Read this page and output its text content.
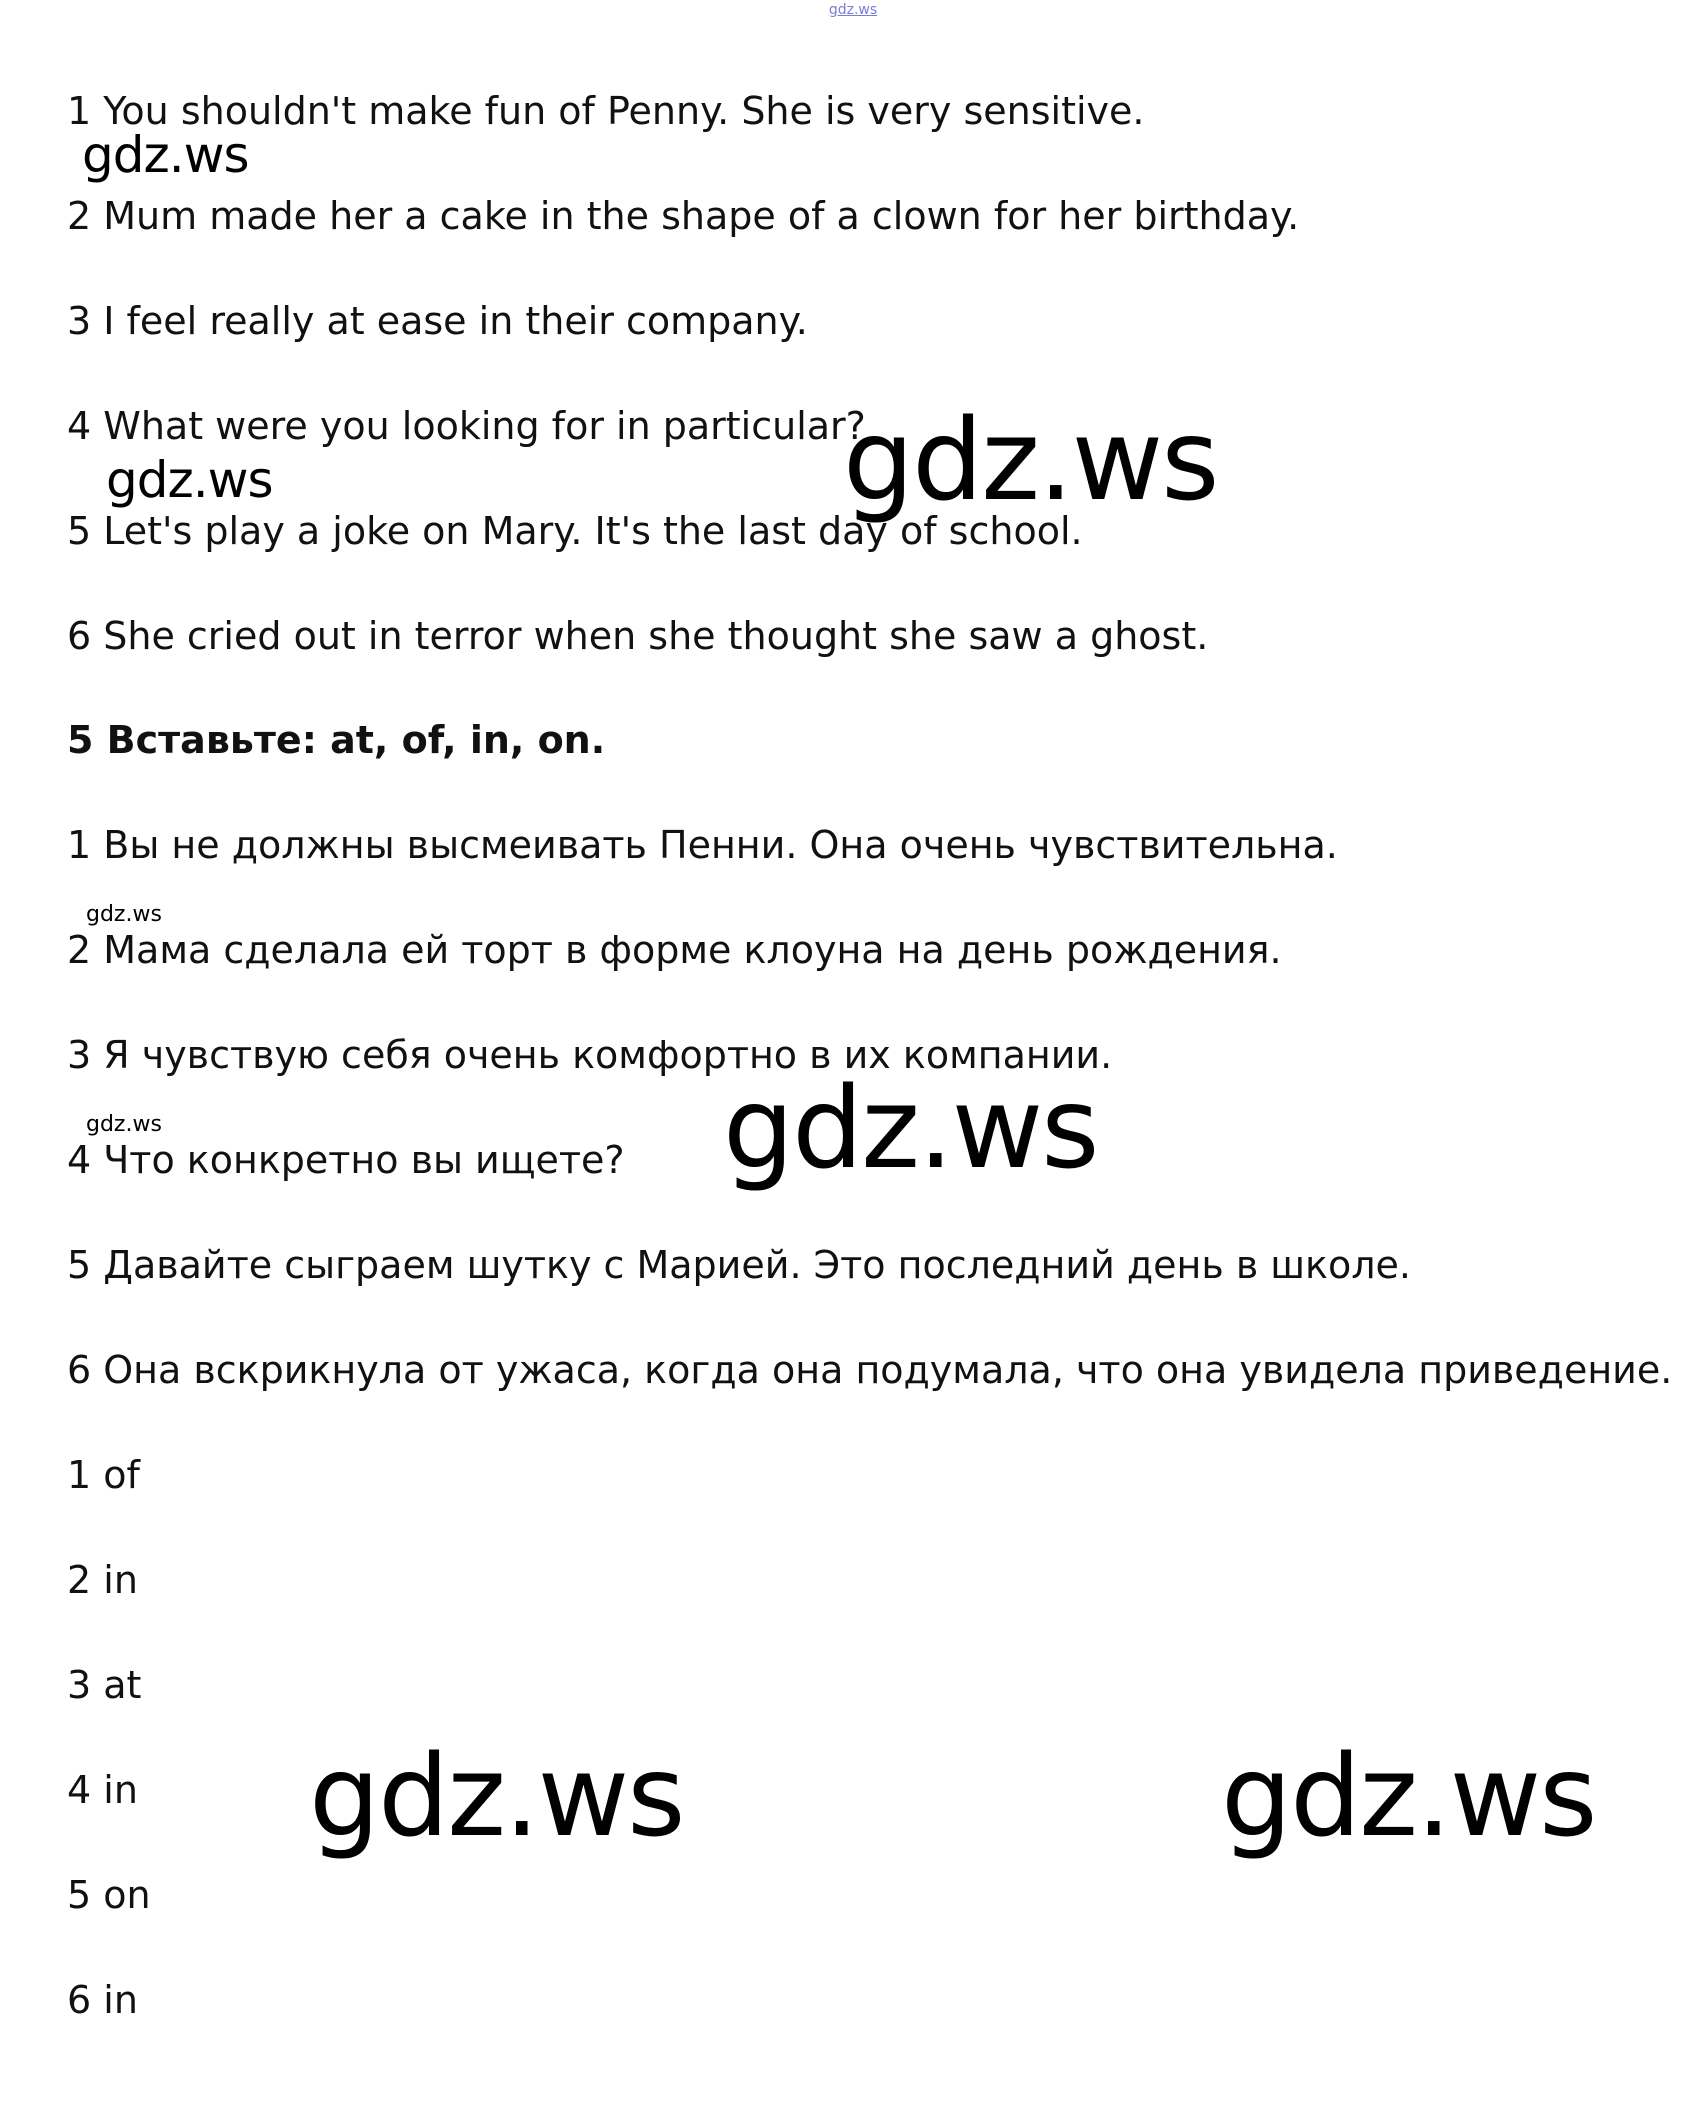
gdz.ws
1 You shouldn't make fun of Penny. She is very sensitive.
2 Mum made her a cake in the shape of a clown for her birthday.
3 I feel really at ease in their company.
4 What were you looking for in particular?
5 Let's play a joke on Mary. It's the last day of school.
6 She cried out in terror when she thought she saw a ghost.
5 Вставьте: at, of, in, on.
1 Вы не должны высмеивать Пенни. Она очень чувствительна.
2 Мама сделала ей торт в форме клоуна на день рождения.
3 Я чувствую себя очень комфортно в их компании.
4 Что конкретно вы ищете?
5 Давайте сыграем шутку с Марией. Это последний день в школе.
6 Она вскрикнула от ужаса, когда она подумала, что она увидела приведение.
1 of
2 in
3 at
4 in
5 on
6 in
gdz.ws
gdz.ws
gdz.ws
gdz.ws
gdz.ws
gdz.ws
gdz.ws	gdz.ws
